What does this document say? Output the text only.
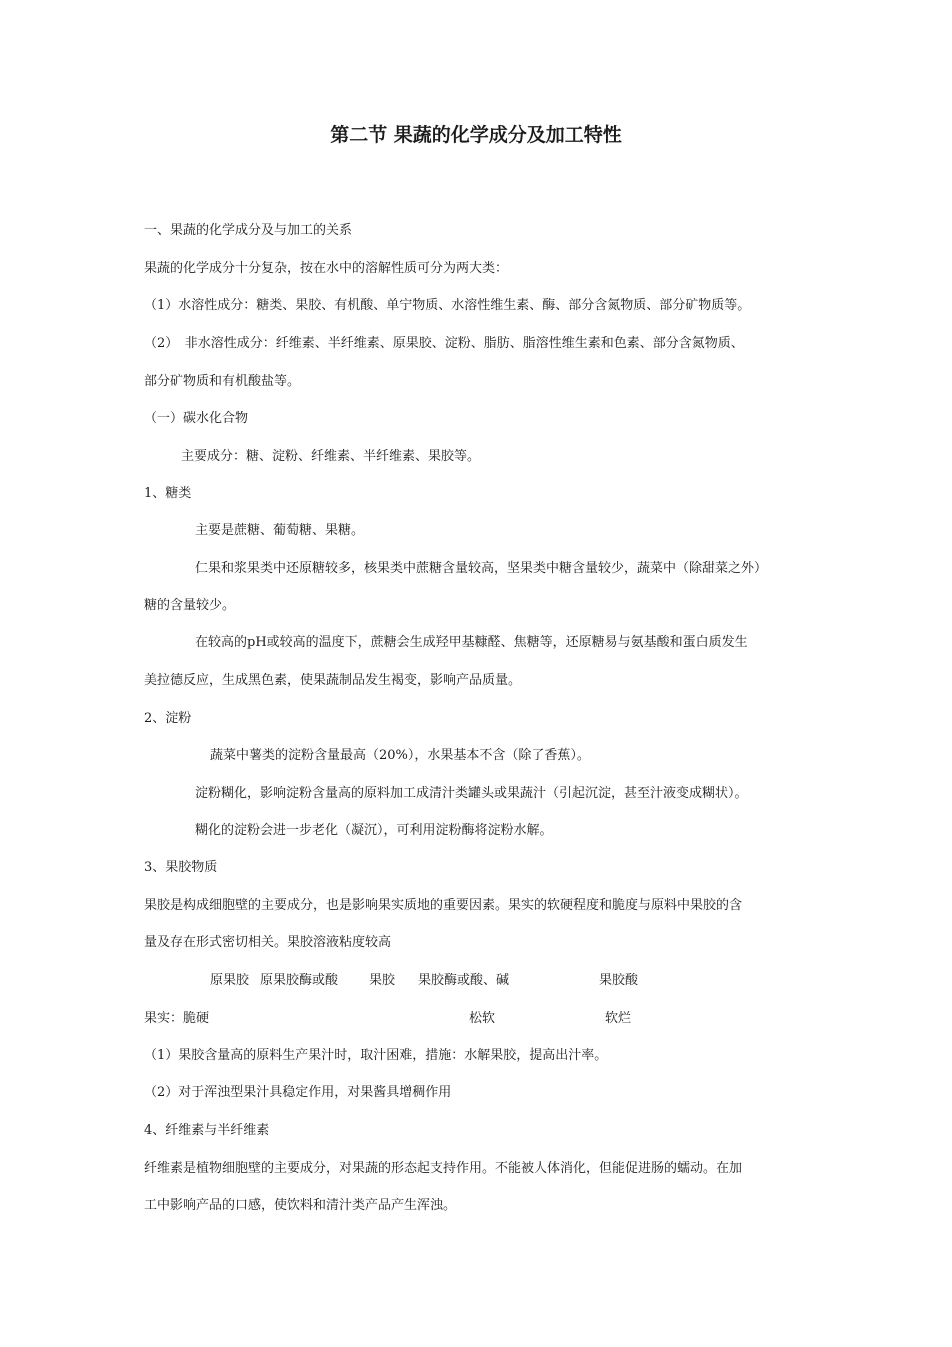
第二节 果蔬的化学成分及加工特性
一、果蔬的化学成分及与加工的关系
果蔬的化学成分十分复杂，按在水中的溶解性质可分为两大类：
（1）水溶性成分：糖类、果胶、有机酸、单宁物质、水溶性维生素、酶、部分含氮物质、部分矿物质等。
（2）　非水溶性成分：纤维素、半纤维素、原果胶、淀粉、脂肪、脂溶性维生素和色素、部分含氮物质、
部分矿物质和有机酸盐等。
（一）碳水化合物
主要成分：糖、淀粉、纤维素、半纤维素、果胶等。
1、糖类
主要是蔗糖、葡萄糖、果糖。
仁果和浆果类中还原糖较多，核果类中蔗糖含量较高，坚果类中糖含量较少，蔬菜中（除甜菜之外）
糖的含量较少。
在较高的pH或较高的温度下，蔗糖会生成羟甲基糠醛、焦糖等，还原糖易与氨基酸和蛋白质发生
美拉德反应，生成黑色素，使果蔬制品发生褐变，影响产品质量。
2、淀粉
蔬菜中薯类的淀粉含量最高（20%），水果基本不含（除了香蕉）。
淀粉糊化，影响淀粉含量高的原料加工成清汁类罐头或果蔬汁（引起沉淀，甚至汁液变成糊状）。
糊化的淀粉会进一步老化（凝沉），可利用淀粉酶将淀粉水解。
3、果胶物质
果胶是构成细胞壁的主要成分，也是影响果实质地的重要因素。果实的软硬程度和脆度与原料中果胶的含
量及存在形式密切相关。果胶溶液粘度较高
原果胶 原果胶酶或酸 果胶 果胶酶或酸、碱	果胶酸
果实：脆硬	松软	软烂
（1）果胶含量高的原料生产果汁时，取汁困难，措施：水解果胶，提高出汁率。
（2）对于浑浊型果汁具稳定作用，对果酱具增稠作用
4、纤维素与半纤维素
纤维素是植物细胞壁的主要成分，对果蔬的形态起支持作用。不能被人体消化，但能促进肠的蠕动。在加
工中影响产品的口感，使饮料和清汁类产品产生浑浊。
